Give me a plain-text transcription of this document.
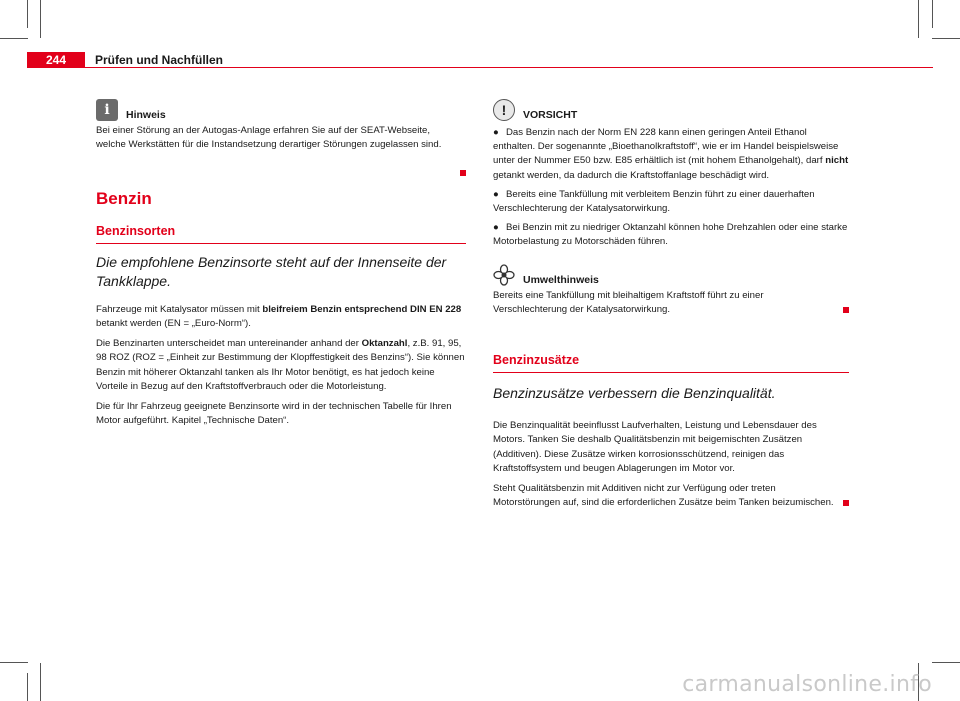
244	Prüfen und Nachfüllen
i	Hinweis

Bei einer Störung an der Autogas-Anlage erfahren Sie auf der SEAT-Webseite, welche Werkstätten für die Instandsetzung derartiger Störungen zugelassen sind.

Benzin
Benzinsorten

Die empfohlene Benzinsorte steht auf der Innenseite der Tankklappe.

Fahrzeuge mit Katalysator müssen mit bleifreiem Benzin entsprechend DIN EN 228 betankt werden (EN = „Euro-Norm“).

Die Benzinarten unterscheidet man untereinander anhand der Oktanzahl, z.B. 91, 95, 98 ROZ (ROZ = „Einheit zur Bestimmung der Klopffestigkeit des Benzins“). Sie können Benzin mit höherer Oktanzahl tanken als Ihr Motor benötigt, es hat jedoch keine Vorteile in Bezug auf den Kraftstoffverbrauch oder die Motorleistung.

Die für Ihr Fahrzeug geeignete Benzinsorte wird in der technischen Tabelle für Ihren Motor aufgeführt. Kapitel „Technische Daten“.

!	VORSICHT

● Das Benzin nach der Norm EN 228 kann einen geringen Anteil Ethanol enthalten. Der sogenannte „Bioethanolkraftstoff“, wie er im Handel beispielsweise unter der Nummer E50 bzw. E85 erhältlich ist (mit hohem Ethanolgehalt), darf nicht getankt werden, da dadurch die Kraftstoffanlage beschädigt wird.

● Bereits eine Tankfüllung mit verbleitem Benzin führt zu einer dauerhaften Verschlechterung der Katalysatorwirkung.

● Bei Benzin mit zu niedriger Oktanzahl können hohe Drehzahlen oder eine starke Motorbelastung zu Motorschäden führen.

Umwelthinweis

Bereits eine Tankfüllung mit bleihaltigem Kraftstoff führt zu einer Verschlechterung der Katalysatorwirkung.

Benzinzusätze

Benzinzusätze verbessern die Benzinqualität.

Die Benzinqualität beeinflusst Laufverhalten, Leistung und Lebensdauer des Motors. Tanken Sie deshalb Qualitätsbenzin mit beigemischten Zusätzen (Additiven). Diese Zusätze wirken korrosionsschützend, reinigen das Kraftstoffsystem und beugen Ablagerungen im Motor vor.

Steht Qualitätsbenzin mit Additiven nicht zur Verfügung oder treten Motorstörungen auf, sind die erforderlichen Zusätze beim Tanken beizumischen.

carmanualsonline.info
